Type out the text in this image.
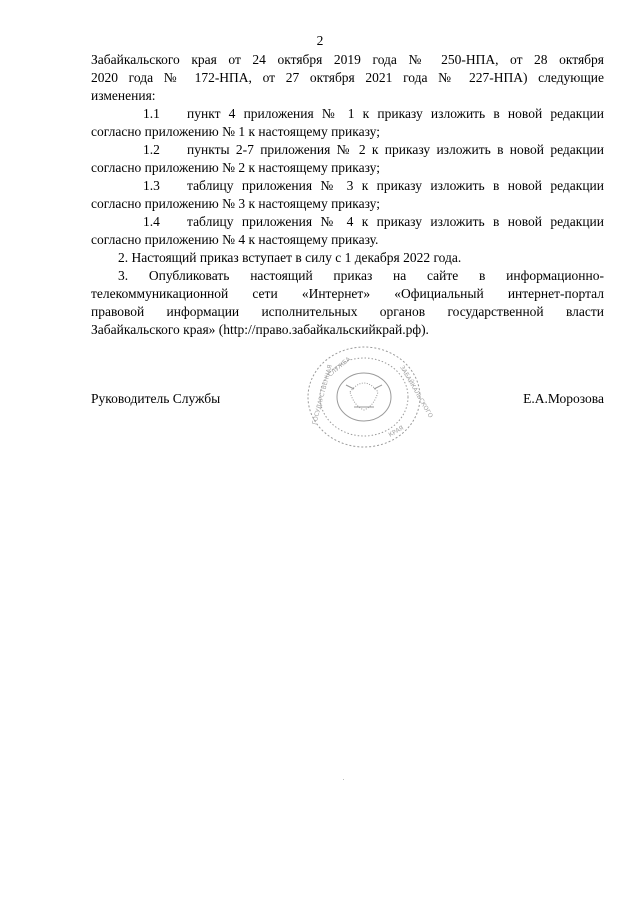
2
Забайкальского края от 24 октября 2019 года № 250-НПА, от 28 октября
2020 года № 172-НПА, от 27 октября 2021 года № 227-НПА) следующие
изменения:
1.1 пункт 4 приложения № 1 к приказу изложить в новой редакции
согласно приложению № 1 к настоящему приказу;
1.2 пункты 2-7 приложения № 2 к приказу изложить в новой редакции
согласно приложению № 2 к настоящему приказу;
1.3 таблицу приложения № 3 к приказу изложить в новой редакции
согласно приложению № 3 к настоящему приказу;
1.4 таблицу приложения № 4 к приказу изложить в новой редакции
согласно приложению № 4 к настоящему приказу.
2. Настоящий приказ вступает в силу с 1 декабря 2022 года.
3. Опубликовать настоящий приказ на сайте в информационно-
телекоммуникационной сети «Интернет» «Официальный интернет-портал
правовой информации исполнительных органов государственной власти
Забайкальского края» (http://право.забайкальскийкрай.рф).
ГОСУДАРСТВЕННАЯ
СЛУЖБА	ЗАБАЙКАЛЬСКОГО
КРАЯ
Руководитель Службы	Е.А.Морозова
